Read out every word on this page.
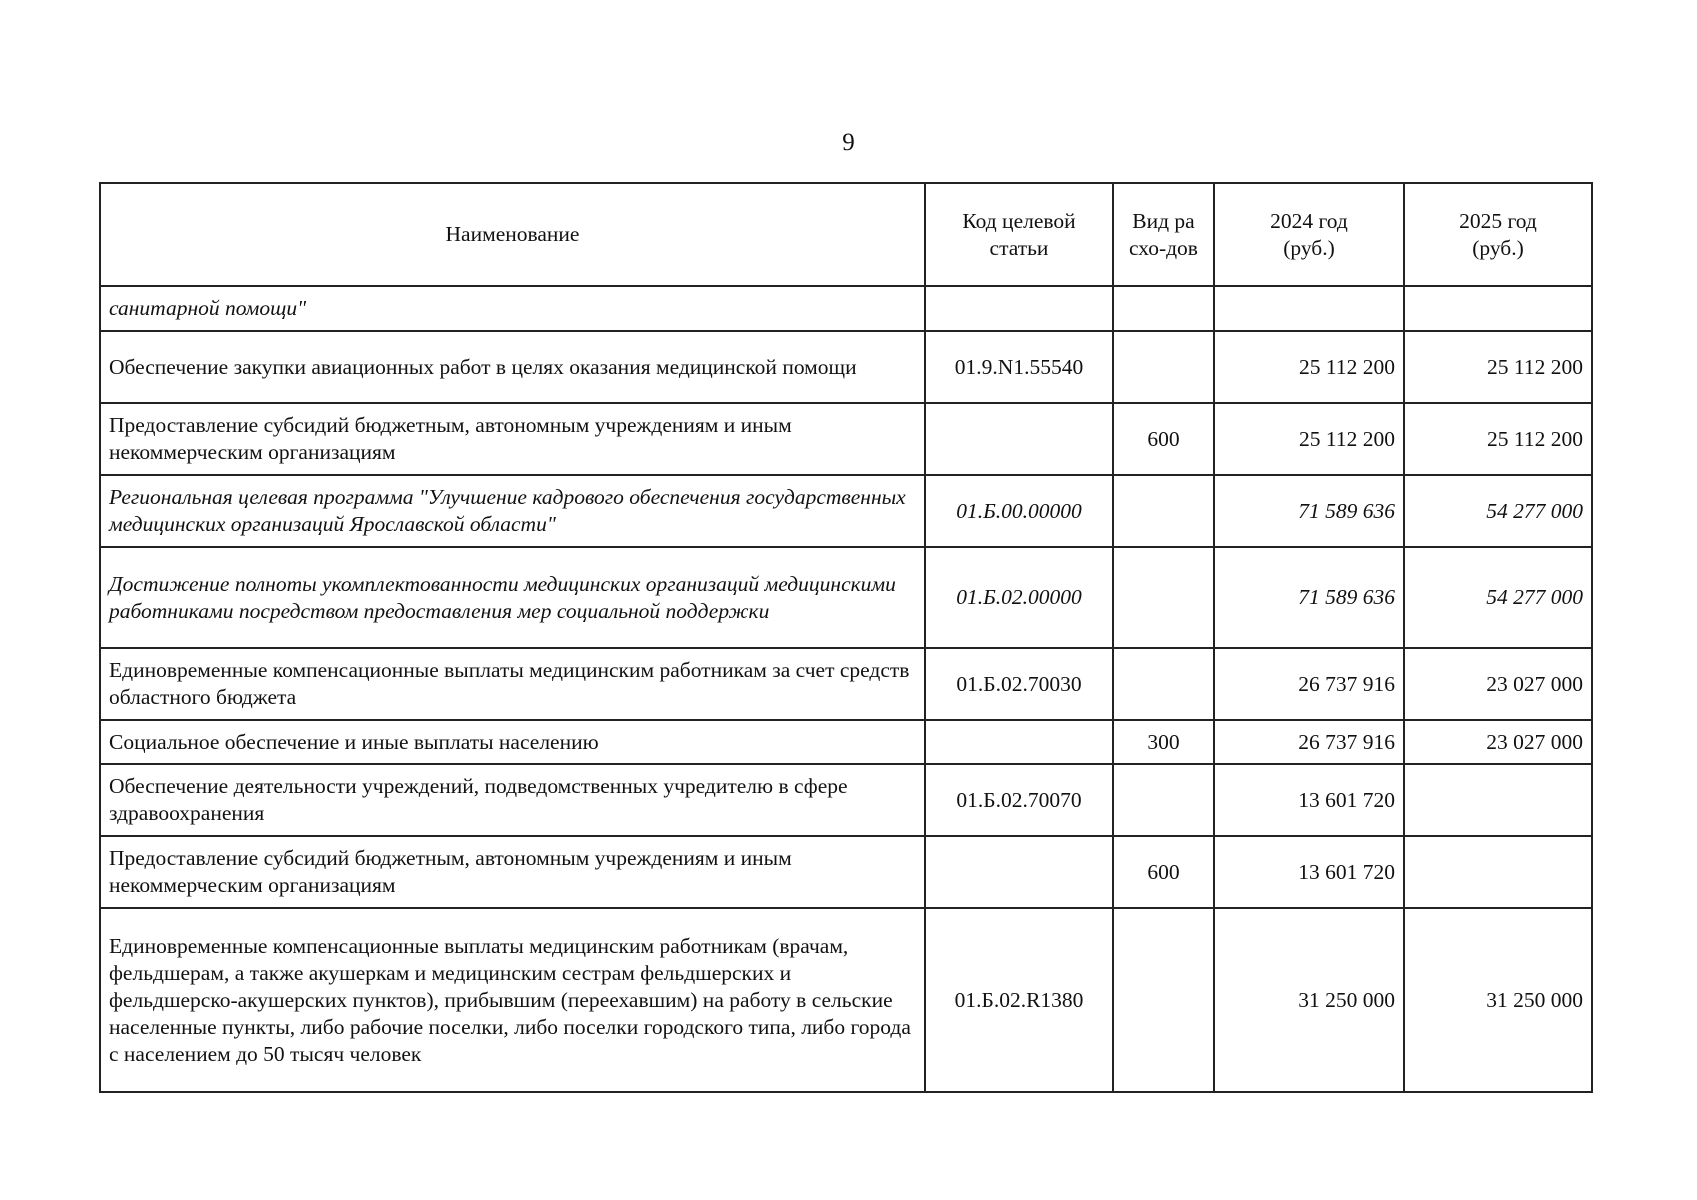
9
Наименование	Код целевой статьи	Вид расхо-дов	2024 год (руб.)	2025 год (руб.)

санитарной помощи"				
Обеспечение закупки авиационных работ в целях оказания медицинской помощи	01.9.N1.55540		25 112 200	25 112 200
Предоставление субсидий бюджетным, автономным учреждениям и иным некоммерческим организациям		600	25 112 200	25 112 200
Региональная целевая программа "Улучшение кадрового обеспечения государственных медицинских организаций Ярославской области"	01.Б.00.00000		71 589 636	54 277 000
Достижение полноты укомплектованности медицинских организаций медицинскими работниками посредством предоставления мер социальной поддержки	01.Б.02.00000		71 589 636	54 277 000
Единовременные компенсационные выплаты медицинским работникам за счет средств областного бюджета	01.Б.02.70030		26 737 916	23 027 000
Социальное обеспечение и иные выплаты населению		300	26 737 916	23 027 000
Обеспечение деятельности учреждений, подведомственных учредителю в сфере здравоохранения	01.Б.02.70070		13 601 720	
Предоставление субсидий бюджетным, автономным учреждениям и иным некоммерческим организациям		600	13 601 720	
Единовременные компенсационные выплаты медицинским работникам (врачам, фельдшерам, а также акушеркам и медицинским сестрам фельдшерских и фельдшерско-акушерских пунктов), прибывшим (переехавшим) на работу в сельские населенные пункты, либо рабочие поселки, либо поселки городского типа, либо города с населением до 50 тысяч человек	01.Б.02.R1380		31 250 000	31 250 000
